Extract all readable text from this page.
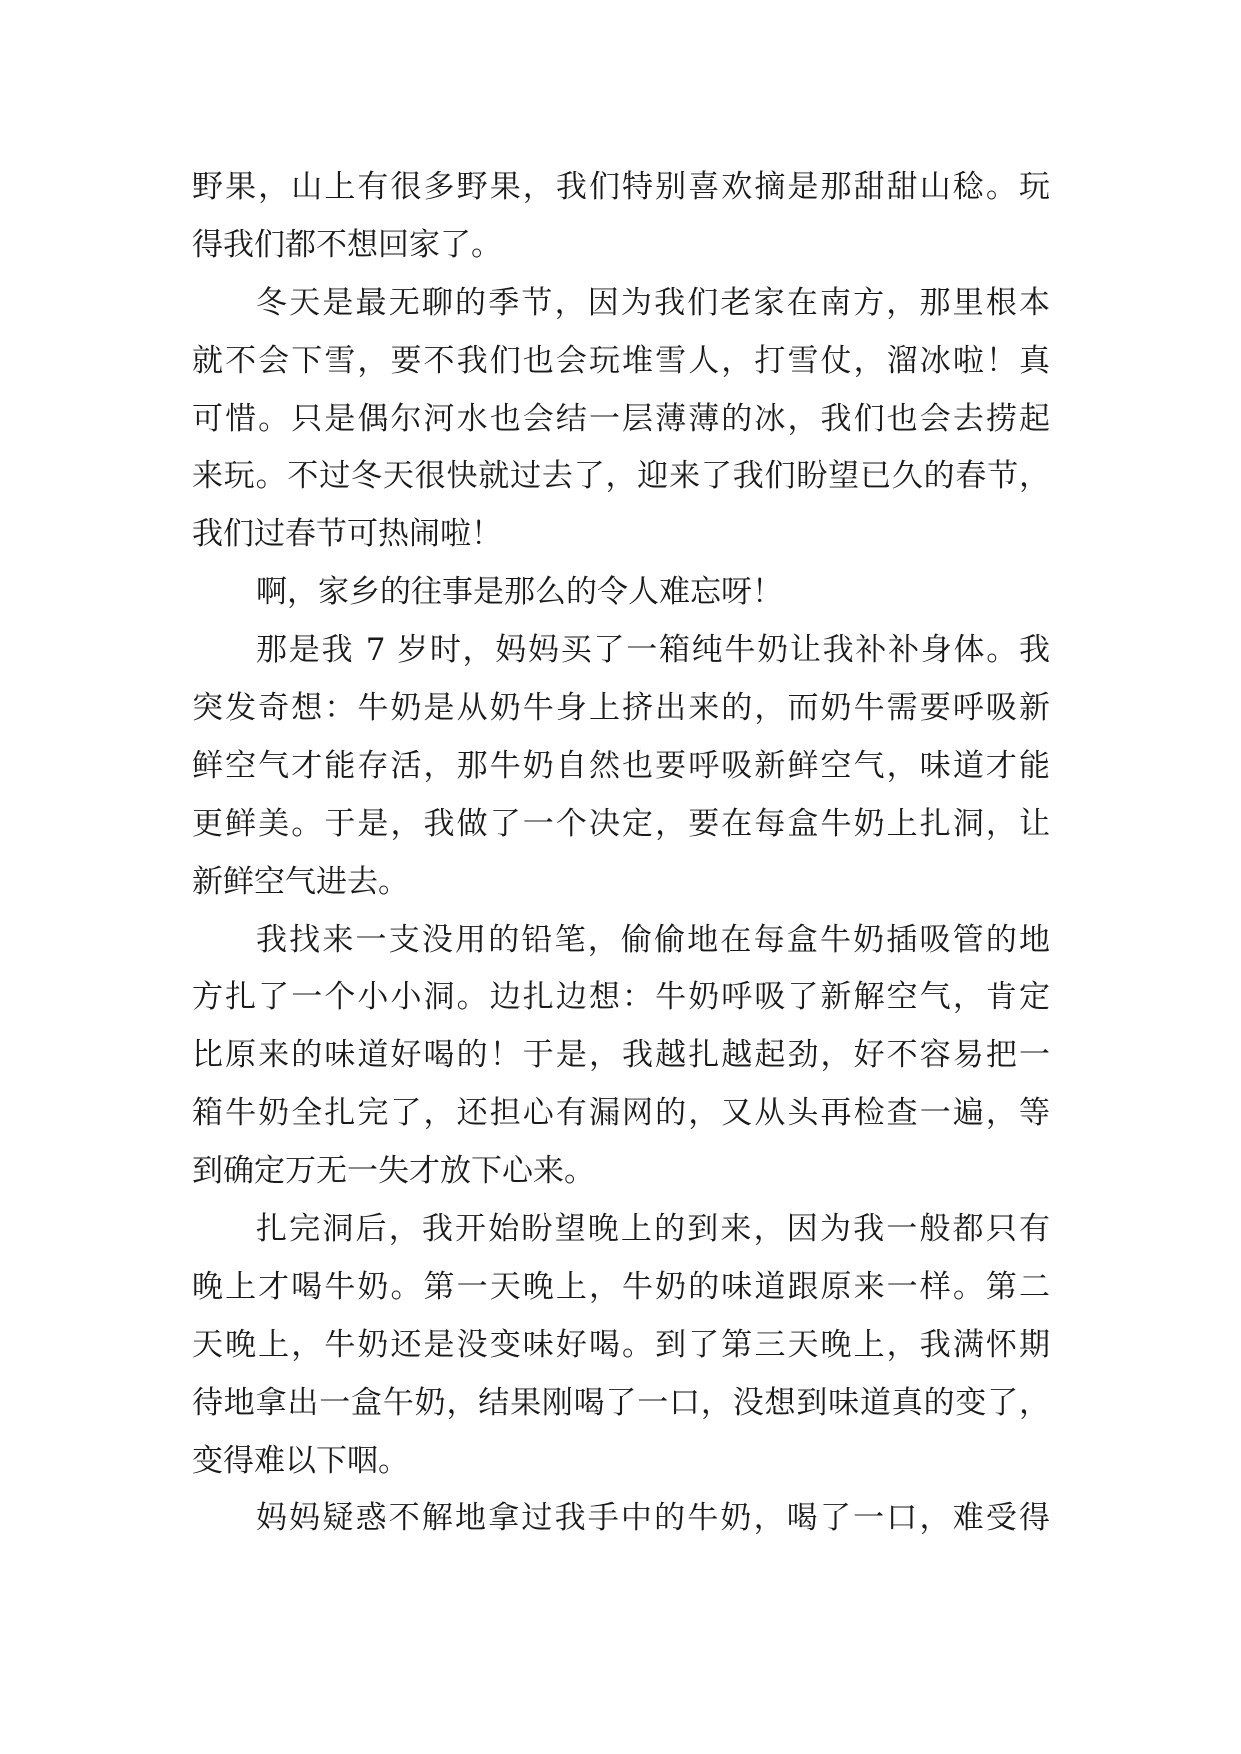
野果，山上有很多野果，我们特别喜欢摘是那甜甜山稔。玩
得我们都不想回家了。
冬天是最无聊的季节，因为我们老家在南方，那里根本
就不会下雪，要不我们也会玩堆雪人，打雪仗，溜冰啦！真
可惜。只是偶尔河水也会结一层薄薄的冰，我们也会去捞起
来玩。不过冬天很快就过去了，迎来了我们盼望已久的春节，
我们过春节可热闹啦！
啊，家乡的往事是那么的令人难忘呀！
那是我 7 岁时，妈妈买了一箱纯牛奶让我补补身体。我
突发奇想：牛奶是从奶牛身上挤出来的，而奶牛需要呼吸新
鲜空气才能存活，那牛奶自然也要呼吸新鲜空气，味道才能
更鲜美。于是，我做了一个决定，要在每盒牛奶上扎洞，让
新鲜空气进去。
我找来一支没用的铅笔，偷偷地在每盒牛奶插吸管的地
方扎了一个小小洞。边扎边想：牛奶呼吸了新解空气，肯定
比原来的味道好喝的！于是，我越扎越起劲，好不容易把一
箱牛奶全扎完了，还担心有漏网的，又从头再检查一遍，等
到确定万无一失才放下心来。
扎完洞后，我开始盼望晚上的到来，因为我一般都只有
晚上才喝牛奶。第一天晚上，牛奶的味道跟原来一样。第二
天晚上，牛奶还是没变味好喝。到了第三天晚上，我满怀期
待地拿出一盒午奶，结果刚喝了一口，没想到味道真的变了，
变得难以下咽。
妈妈疑惑不解地拿过我手中的牛奶，喝了一口，难受得
